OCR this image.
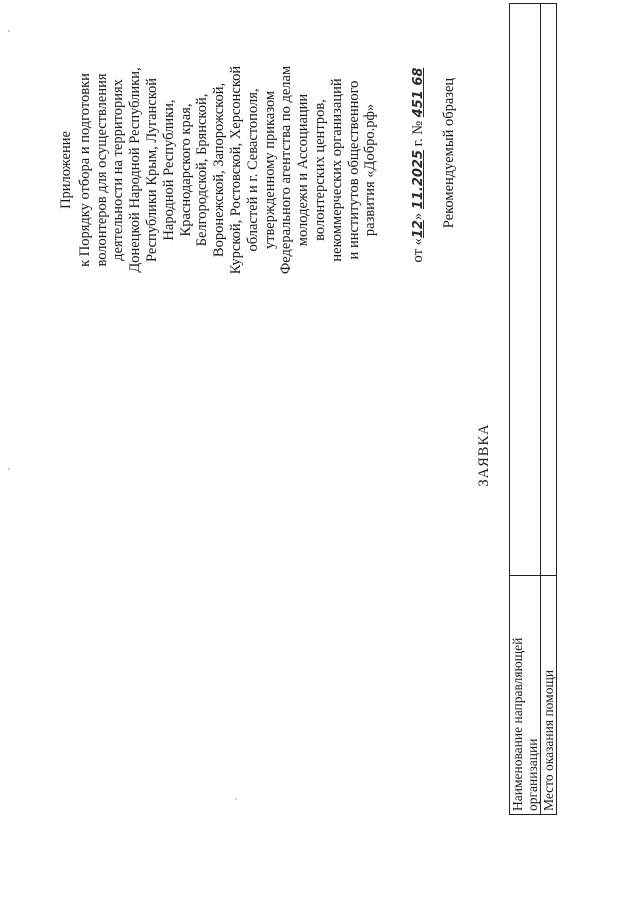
Приложение к Порядку отбора и подготовки волонтеров для осуществления деятельности на территориях Донецкой Народной Республики, Республики Крым, Луганской Народной Республики, Краснодарского края, Белгородской, Брянской, Воронежской, Запорожской, Курской, Ростовской, Херсонской областей и г. Севастополя, утвержденному приказом Федерального агентства по делам молодежи и Ассоциации волонтерских центров, некоммерческих организаций и институтов общественного развития «Добро.рф»
от «12» 11.2025 г. № 451 68 Рекомендуемый образец
ЗАЯВКА
Наименование направляющей организации	
Место оказания помощи	
